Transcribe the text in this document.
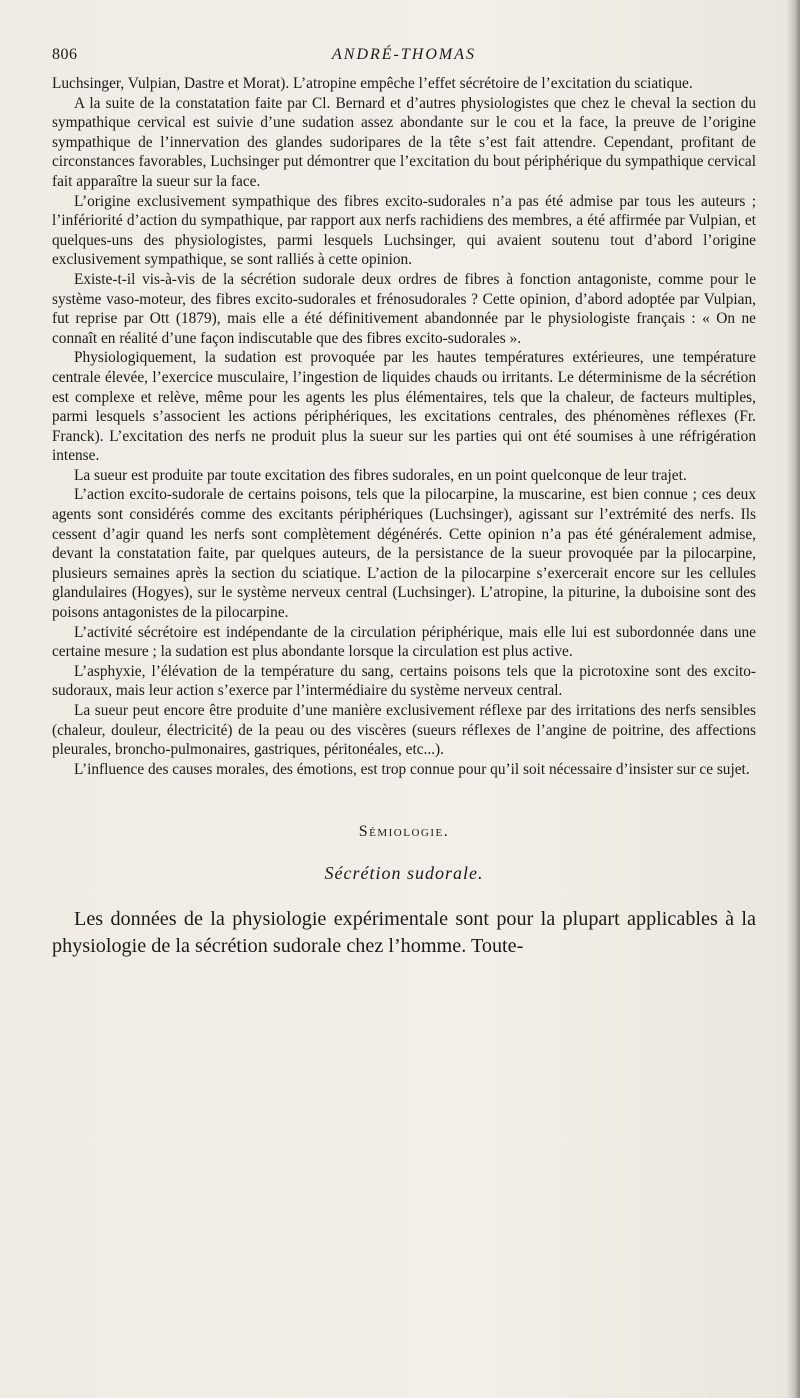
806	ANDRÉ-THOMAS

Luchsinger, Vulpian, Dastre et Morat). L’atropine empêche l’effet sécrétoire de l’excitation du sciatique.

A la suite de la constatation faite par Cl. Bernard et d’autres physiologistes que chez le cheval la section du sympathique cervical est suivie d’une sudation assez abondante sur le cou et la face, la preuve de l’origine sympathique de l’innervation des glandes sudoripares de la tête s’est fait attendre. Cependant, profitant de circonstances favorables, Luchsinger put démontrer que l’excitation du bout périphérique du sympathique cervical fait apparaître la sueur sur la face.

L’origine exclusivement sympathique des fibres excito-sudorales n’a pas été admise par tous les auteurs ; l’infériorité d’action du sympathique, par rapport aux nerfs rachidiens des membres, a été affirmée par Vulpian, et quelques-uns des physiologistes, parmi lesquels Luchsinger, qui avaient soutenu tout d’abord l’origine exclusivement sympathique, se sont ralliés à cette opinion.

Existe-t-il vis-à-vis de la sécrétion sudorale deux ordres de fibres à fonction antagoniste, comme pour le système vaso-moteur, des fibres excito-sudorales et frénosudorales ? Cette opinion, d’abord adoptée par Vulpian, fut reprise par Ott (1879), mais elle a été définitivement abandonnée par le physiologiste français : « On ne connaît en réalité d’une façon indiscutable que des fibres excito-sudorales ».

Physiologiquement, la sudation est provoquée par les hautes températures extérieures, une température centrale élevée, l’exercice musculaire, l’ingestion de liquides chauds ou irritants. Le déterminisme de la sécrétion est complexe et relève, même pour les agents les plus élémentaires, tels que la chaleur, de facteurs multiples, parmi lesquels s’associent les actions périphériques, les excitations centrales, des phénomènes réflexes (Fr. Franck). L’excitation des nerfs ne produit plus la sueur sur les parties qui ont été soumises à une réfrigération intense.

La sueur est produite par toute excitation des fibres sudorales, en un point quelconque de leur trajet.

L’action excito-sudorale de certains poisons, tels que la pilocarpine, la muscarine, est bien connue ; ces deux agents sont considérés comme des excitants périphériques (Luchsinger), agissant sur l’extrémité des nerfs. Ils cessent d’agir quand les nerfs sont complètement dégénérés. Cette opinion n’a pas été généralement admise, devant la constatation faite, par quelques auteurs, de la persistance de la sueur provoquée par la pilocarpine, plusieurs semaines après la section du sciatique. L’action de la pilocarpine s’exercerait encore sur les cellules glandulaires (Hogyes), sur le système nerveux central (Luchsinger). L’atropine, la piturine, la duboisine sont des poisons antagonistes de la pilocarpine.

L’activité sécrétoire est indépendante de la circulation périphérique, mais elle lui est subordonnée dans une certaine mesure ; la sudation est plus abondante lorsque la circulation est plus active.

L’asphyxie, l’élévation de la température du sang, certains poisons tels que la picrotoxine sont des excito-sudoraux, mais leur action s’exerce par l’intermédiaire du système nerveux central.

La sueur peut encore être produite d’une manière exclusivement réflexe par des irritations des nerfs sensibles (chaleur, douleur, électricité) de la peau ou des viscères (sueurs réflexes de l’angine de poitrine, des affections pleurales, broncho-pulmonaires, gastriques, péritonéales, etc...).

L’influence des causes morales, des émotions, est trop connue pour qu’il soit nécessaire d’insister sur ce sujet.

Sémiologie.
Sécrétion sudorale.

Les données de la physiologie expérimentale sont pour la plupart applicables à la physiologie de la sécrétion sudorale chez l’homme. Toute-
